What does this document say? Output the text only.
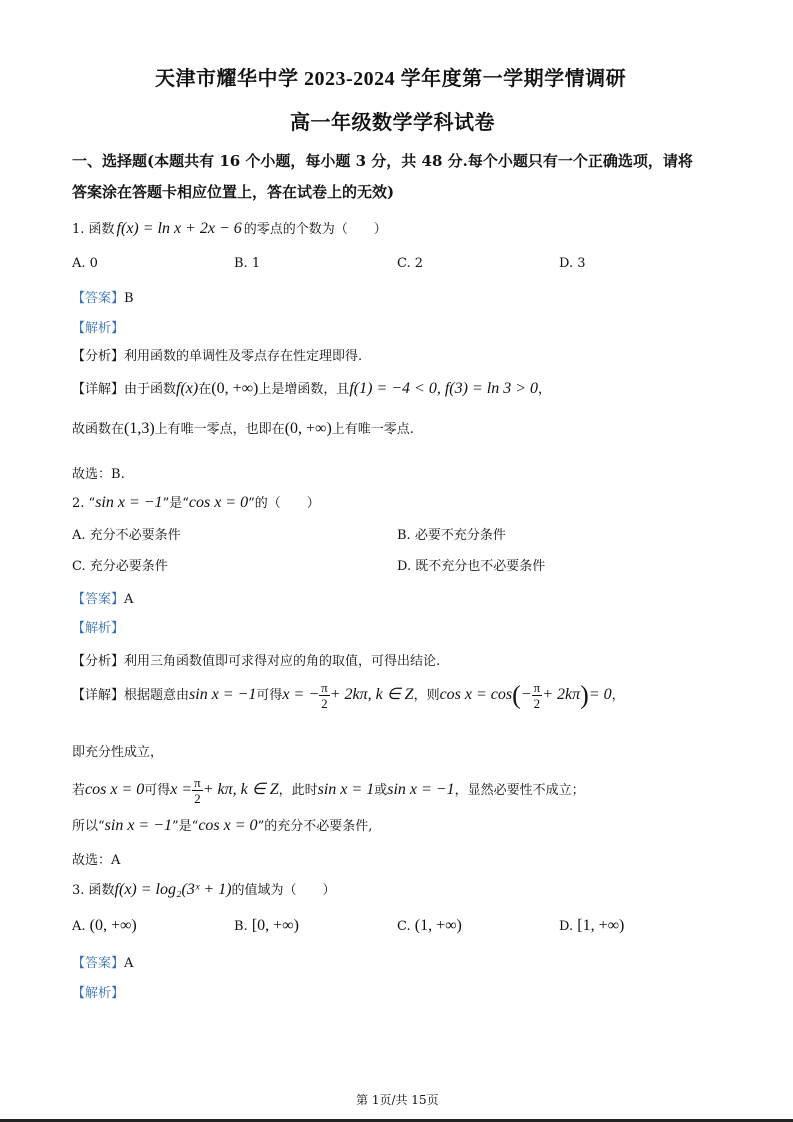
天津市耀华中学 2023-2024 学年度第一学期学情调研
高一年级数学学科试卷
一、选择题(本题共有 16 个小题，每小题 3 分，共 48 分.每个小题只有一个正确选项，请将
答案涂在答题卡相应位置上，答在试卷上的无效)
1. 函数 f(x) = ln x + 2x − 6 的零点的个数为（　　）
A. 0	B. 1	C. 2	D. 3
【答案】B
【解析】
【分析】利用函数的单调性及零点存在性定理即得.
【详解】由于函数f(x)在(0, +∞)上是增函数，且f(1) = −4 < 0, f(3) = ln 3 > 0，
故函数在(1,3)上有唯一零点，也即在(0, +∞)上有唯一零点.
故选：B.
2. “sin x = −1”是“cos x = 0”的（　　）
A. 充分不必要条件	B. 必要不充分条件
C. 充分必要条件	D. 既不充分也不必要条件
【答案】A
【解析】
【分析】利用三角函数值即可求得对应的角的取值，可得出结论.
【详解】根据题意由sin x = −1可得x = − $\frac{\pi}{2} + 2k\pi$, k ∈ Z，则$\cos x = \cos(- \frac{\pi}{2} + 2k\pi)= 0$，
即充分性成立，
若cos x = 0可得$x = \frac{\pi}{2} + k\pi$, k ∈ Z，此时sin x = 1或sin x = −1，显然必要性不成立；
所以“sin x = −1”是“cos x = 0”的充分不必要条件,
故选：A
3. 函数f(x) = log₂(3ˣ + 1)的值域为（　　）
A. (0, +∞)	B. [0, +∞)	C. (1, +∞)	D. [1, +∞)
【答案】A
【解析】
第 1页/共 15页
